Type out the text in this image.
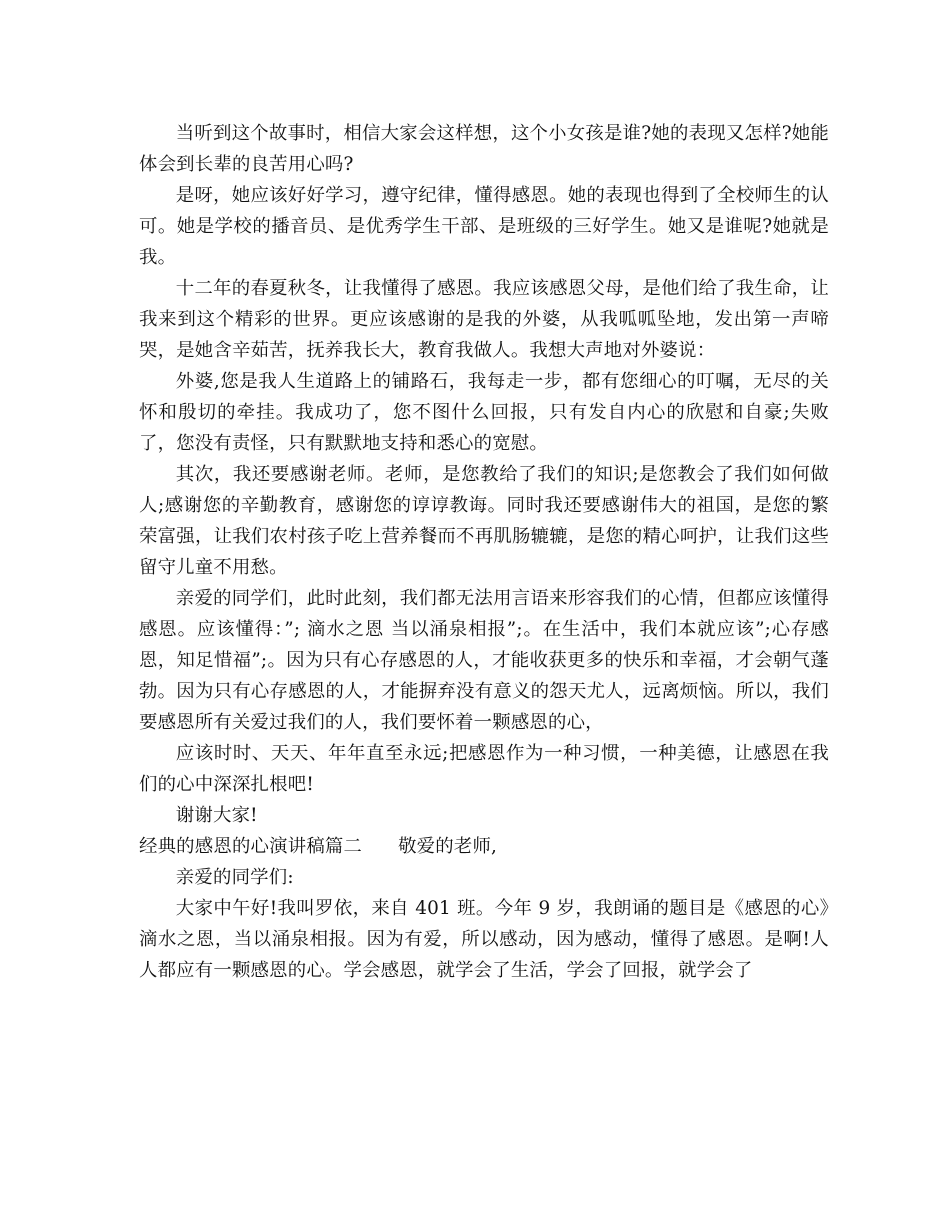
当听到这个故事时，相信大家会这样想，这个小女孩是谁?她的表现又怎样?她能体会到长辈的良苦用心吗?

是呀，她应该好好学习，遵守纪律，懂得感恩。她的表现也得到了全校师生的认可。她是学校的播音员、是优秀学生干部、是班级的三好学生。她又是谁呢?她就是我。

十二年的春夏秋冬，让我懂得了感恩。我应该感恩父母，是他们给了我生命，让我来到这个精彩的世界。更应该感谢的是我的外婆，从我呱呱坠地，发出第一声啼哭，是她含辛茹苦，抚养我长大，教育我做人。我想大声地对外婆说：

外婆,您是我人生道路上的铺路石，我每走一步，都有您细心的叮嘱，无尽的关怀和殷切的牵挂。我成功了，您不图什么回报，只有发自内心的欣慰和自豪;失败了，您没有责怪，只有默默地支持和悉心的宽慰。

其次，我还要感谢老师。老师，是您教给了我们的知识;是您教会了我们如何做人;感谢您的辛勤教育，感谢您的谆谆教诲。同时我还要感谢伟大的祖国，是您的繁荣富强，让我们农村孩子吃上营养餐而不再肌肠辘辘，是您的精心呵护，让我们这些留守儿童不用愁。

亲爱的同学们，此时此刻，我们都无法用言语来形容我们的心情，但都应该懂得感恩。应该懂得：”; 滴水之恩 当以涌泉相报”;。在生活中，我们本就应该”;心存感恩，知足惜福”;。因为只有心存感恩的人，才能收获更多的快乐和幸福，才会朝气蓬勃。因为只有心存感恩的人，才能摒弃没有意义的怨天尤人，远离烦恼。所以，我们要感恩所有关爱过我们的人，我们要怀着一颗感恩的心，

应该时时、天天、年年直至永远;把感恩作为一种习惯，一种美德，让感恩在我们的心中深深扎根吧!

谢谢大家!

经典的感恩的心演讲稿篇二 敬爱的老师,

亲爱的同学们:

大家中午好!我叫罗依，来自 401 班。今年 9 岁，我朗诵的题目是《感恩的心》滴水之恩，当以涌泉相报。因为有爱，所以感动，因为感动，懂得了感恩。是啊!人人都应有一颗感恩的心。学会感恩，就学会了生活，学会了回报，就学会了
